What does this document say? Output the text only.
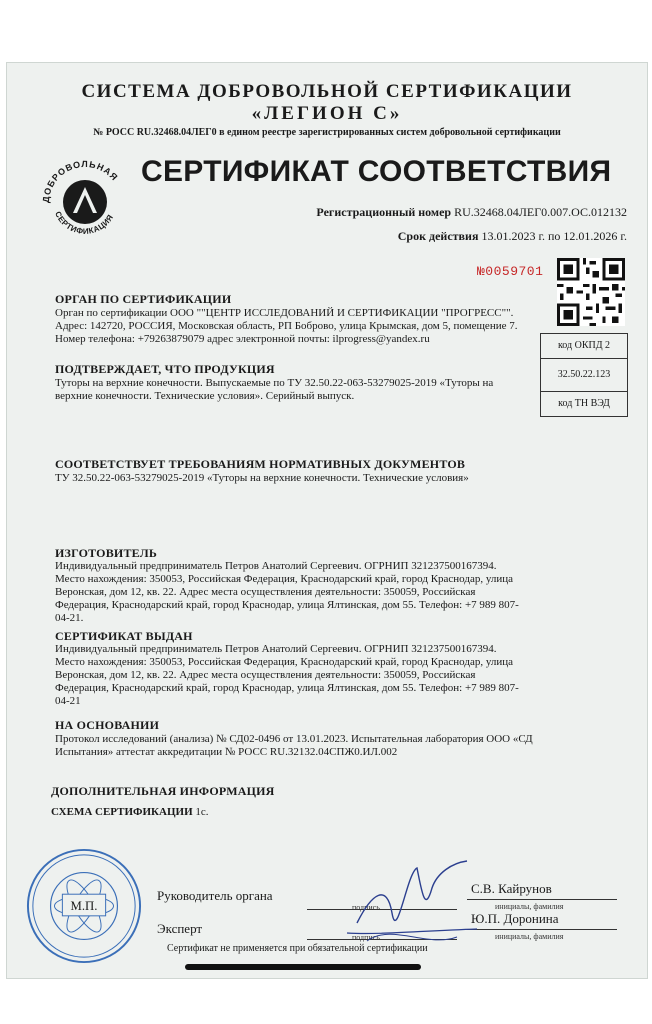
СИСТЕМА ДОБРОВОЛЬНОЙ СЕРТИФИКАЦИИ
«ЛЕГИОН С»
№ РОСС RU.32468.04ЛЕГ0 в едином реестре зарегистрированных систем добровольной сертификации
ДОБРОВОЛЬНАЯ
СЕРТИФИКАЦИЯ
СЕРТИФИКАТ СООТВЕТСТВИЯ
Регистрационный номер RU.32468.04ЛЕГ0.007.ОС.012132
Срок действия 13.01.2023 г. по 12.01.2026 г.
№0059701
код ОКПД 2
32.50.22.123
код ТН ВЭД
ОРГАН ПО СЕРТИФИКАЦИИ
Орган по сертификации ООО ""ЦЕНТР ИССЛЕДОВАНИЙ И СЕРТИФИКАЦИИ "ПРОГРЕСС"".
Адрес: 142720, РОССИЯ, Московская область, РП Боброво, улица Крымская, дом 5, помещение 7.
Номер телефона: +79263879079 адрес электронной почты: ilprogress@yandex.ru
ПОДТВЕРЖДАЕТ, ЧТО ПРОДУКЦИЯ
Туторы на верхние конечности. Выпускаемые по ТУ 32.50.22-063-53279025-2019 «Туторы на верхние конечности. Технические условия». Серийный выпуск.
СООТВЕТСТВУЕТ ТРЕБОВАНИЯМ НОРМАТИВНЫХ ДОКУМЕНТОВ
ТУ 32.50.22-063-53279025-2019 «Туторы на верхние конечности. Технические условия»
ИЗГОТОВИТЕЛЬ
Индивидуальный предприниматель Петров Анатолий Сергеевич. ОГРНИП 321237500167394. Место нахождения: 350053, Российская Федерация, Краснодарский край, город Краснодар, улица Веронская, дом 12, кв. 22. Адрес места осуществления деятельности: 350059, Российская Федерация, Краснодарский край, город Краснодар, улица Ялтинская, дом 55. Телефон: +7 989 807-04-21.
СЕРТИФИКАТ ВЫДАН
Индивидуальный предприниматель Петров Анатолий Сергеевич. ОГРНИП 321237500167394. Место нахождения: 350053, Российская Федерация, Краснодарский край, город Краснодар, улица Веронская, дом 12, кв. 22. Адрес места осуществления деятельности: 350059, Российская Федерация, Краснодарский край, город Краснодар, улица Ялтинская, дом 55. Телефон: +7 989 807-04-21
НА ОСНОВАНИИ
Протокол исследований (анализа) № СД02-0496 от 13.01.2023. Испытательная лаборатория ООО «СД Испытания» аттестат аккредитации № РОСС RU.32132.04СПЖ0.ИЛ.002
ДОПОЛНИТЕЛЬНАЯ ИНФОРМАЦИЯ
СХЕМА СЕРТИФИКАЦИИ 1с.
М.П.
Руководитель органа
подпись
С.В. Кайрунов
инициалы, фамилия
Эксперт
подпись
Ю.П. Доронина
инициалы, фамилия
Сертификат не применяется при обязательной сертификации
